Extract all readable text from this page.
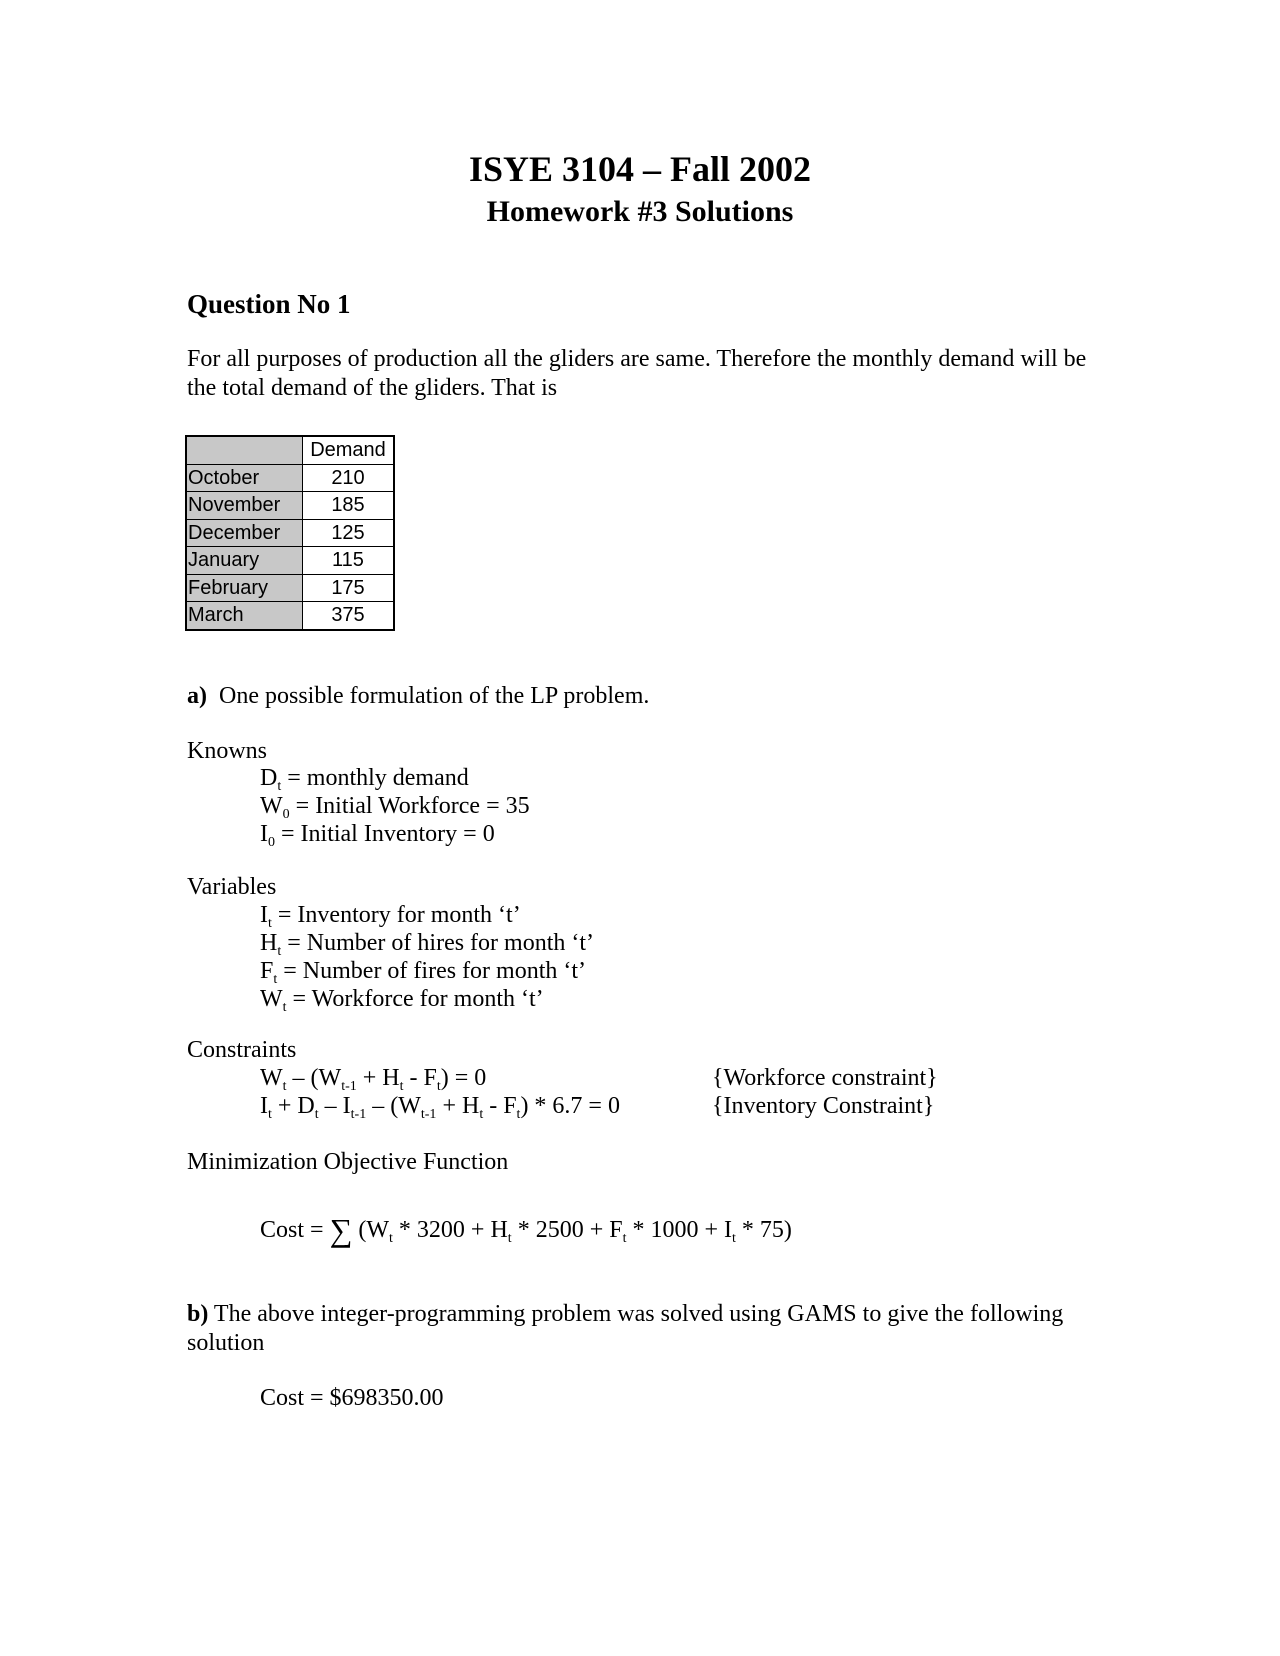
ISYE 3104 – Fall 2002
Homework #3 Solutions
Question No 1
For all purposes of production all the gliders are same. Therefore the monthly demand will be the total demand of the gliders. That is
	Demand
October	210
November	185
December	125
January	115
February	175
March	375
a) One possible formulation of the LP problem.
Knowns
$D_t$ = monthly demand
$W_0$ = Initial Workforce = 35
$I_0$ = Initial Inventory = 0
Variables
$I_t$ = Inventory for month ‘t’
$H_t$ = Number of hires for month ‘t’
$F_t$ = Number of fires for month ‘t’
$W_t$ = Workforce for month ‘t’
Constraints
$W_t - (W_{t-1} + H_t - F_t) = 0$	{Workforce constraint}
$I_t + D_t - I_{t-1} - (W_{t-1} + H_t - F_t) * 6.7 = 0$	{Inventory Constraint}
Minimization Objective Function
Cost = ∑ $(W_t * 3200 + H_t * 2500 + F_t * 1000 + I_t * 75)$
b) The above integer-programming problem was solved using GAMS to give the following solution
Cost = $698350.00
